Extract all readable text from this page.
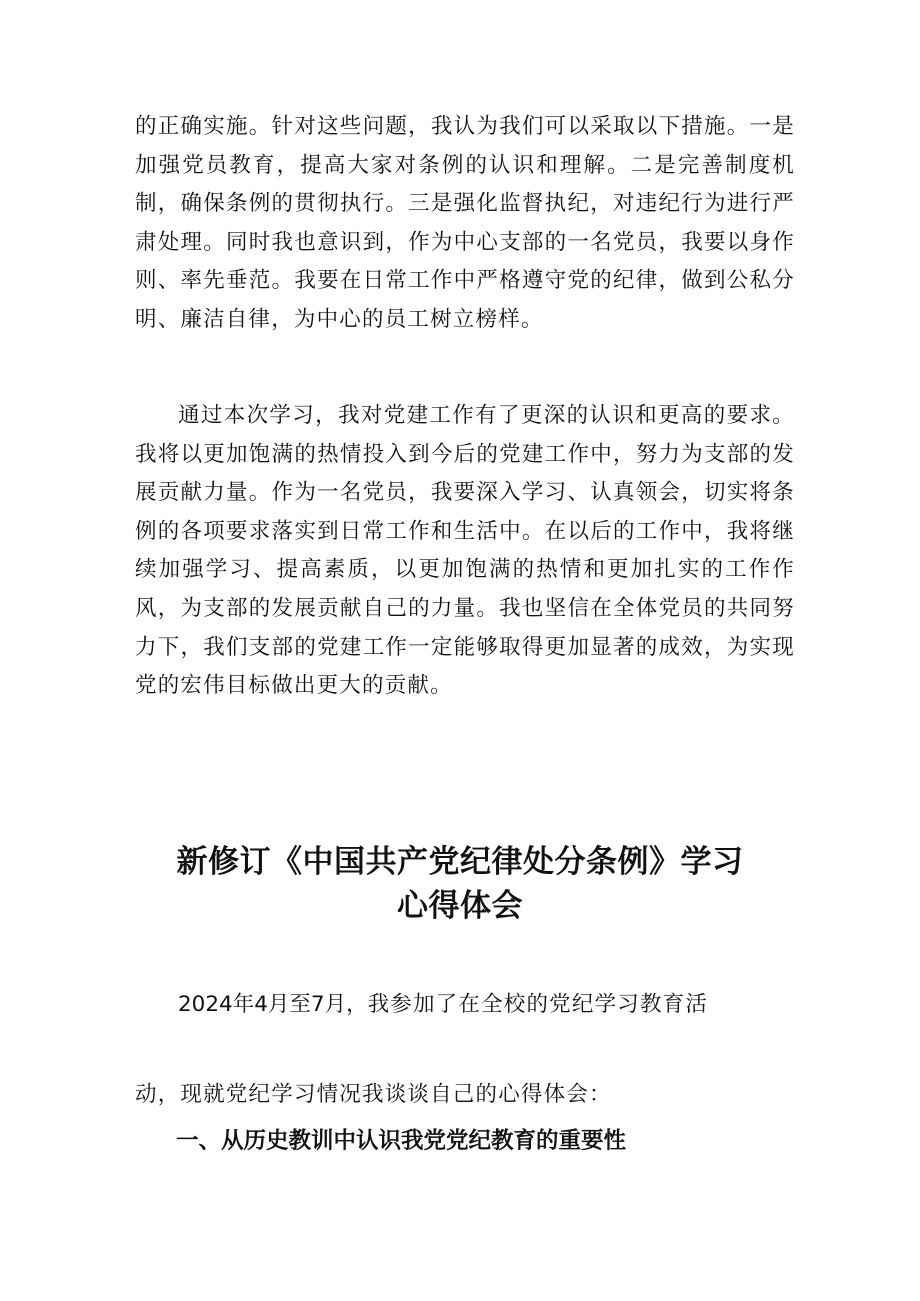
的正确实施。针对这些问题，我认为我们可以采取以下措施。一是加强党员教育，提高大家对条例的认识和理解。二是完善制度机制，确保条例的贯彻执行。三是强化监督执纪，对违纪行为进行严肃处理。同时我也意识到，作为中心支部的一名党员，我要以身作则、率先垂范。我要在日常工作中严格遵守党的纪律，做到公私分明、廉洁自律，为中心的员工树立榜样。

通过本次学习，我对党建工作有了更深的认识和更高的要求。我将以更加饱满的热情投入到今后的党建工作中，努力为支部的发展贡献力量。作为一名党员，我要深入学习、认真领会，切实将条例的各项要求落实到日常工作和生活中。在以后的工作中，我将继续加强学习、提高素质，以更加饱满的热情和更加扎实的工作作风，为支部的发展贡献自己的力量。我也坚信在全体党员的共同努力下，我们支部的党建工作一定能够取得更加显著的成效，为实现党的宏伟目标做出更大的贡献。

新修订《中国共产党纪律处分条例》学习
心得体会

2024年4月至7月，我参加了在全校的党纪学习教育活

动，现就党纪学习情况我谈谈自己的心得体会：

一、从历史教训中认识我党党纪教育的重要性
